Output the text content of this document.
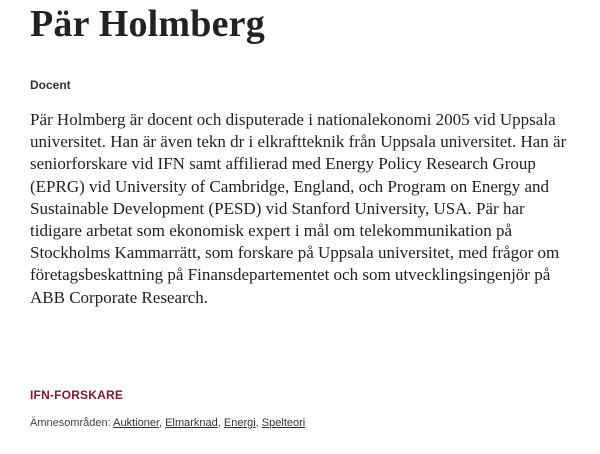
Pär Holmberg
Docent

Pär Holmberg är docent och disputerade i nationalekonomi 2005 vid Uppsala universitet. Han är även tekn dr i elkraftteknik från Uppsala universitet. Han är seniorforskare vid IFN samt affilierad med Energy Policy Research Group (EPRG) vid University of Cambridge, England, och Program on Energy and Sustainable Development (PESD) vid Stanford University, USA. Pär har tidigare arbetat som ekonomisk expert i mål om telekommunikation på Stockholms Kammarrätt, som forskare på Uppsala universitet, med frågor om företagsbeskattning på Finansdepartementet och som utvecklingsingenjör på ABB Corporate Research.

IFN-FORSKARE
Ämnesområden: Auktioner, Elmarknad, Energi, Spelteori
